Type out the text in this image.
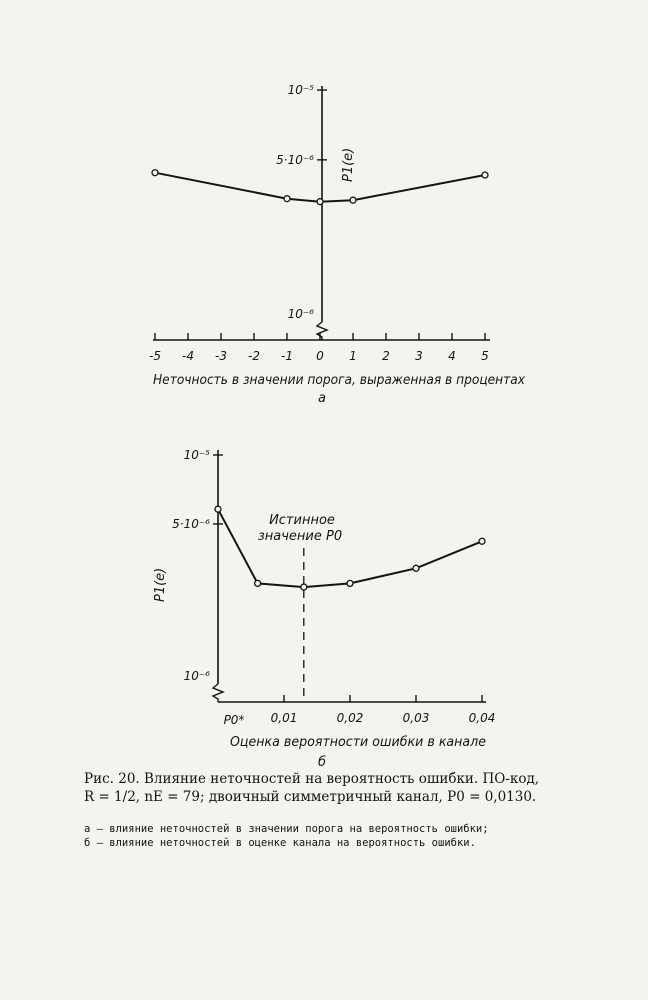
-5 -4 -3 -2 -1 0 1 2 3 4 5
10⁻⁵
5·10⁻⁶
10⁻⁶
P1(e)
Неточность в значении порога, выраженная в процентах
а
0,01	0,02	0,03	0,04
P0*
10⁻⁵
5·10⁻⁶
10⁻⁶
Истинное
значение P0
P1(e)
Оценка вероятности ошибки в канале
б
Рис. 20. Влияние неточностей на вероятность ошибки. ПО-код,
R = 1/2, nE = 79; двоичный симметричный канал, P0 = 0,0130.
а — влияние неточностей в значении порога на вероятность ошибки;
б — влияние неточностей в оценке канала на вероятность ошибки.
